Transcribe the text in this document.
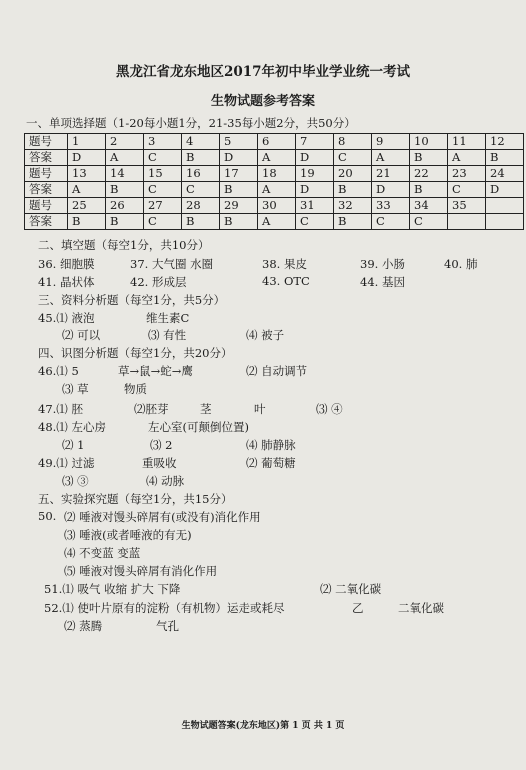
黑龙江省龙东地区2017年初中毕业学业统一考试
生物试题参考答案
一、单项选择题（1-20每小题1分，21-35每小题2分，共50分）
题号	1	2	3	4	5	6	7	8	9	10	11	12
答案	D	A	C	B	D	A	D	C	A	B	A	B
题号	13	14	15	16	17	18	19	20	21	22	23	24
答案	A	B	C	C	B	A	D	B	D	B	C	D
题号	25	26	27	28	29	30	31	32	33	34	35	
答案	B	B	C	B	B	A	C	B	C	C		
二、填空题（每空1分，共10分）
36. 细胞膜	37. 大气圈 水圈	38. 果皮	39. 小肠	40. 肺
41. 晶状体	42. 形成层	43. OTC	44. 基因
三、资料分析题（每空1分，共5分）
45.⑴ 液泡	维生素C
⑵ 可以	⑶ 有性	⑷ 被子
四、识图分析题（每空1分，共20分）
46.⑴ 5	草→鼠→蛇→鹰	⑵ 自动调节
⑶ 草	物质
47.⑴ 胚	⑵胚芽	茎	叶	⑶ ④
48.⑴ 左心房	左心室(可颠倒位置)
⑵ 1	⑶ 2	⑷ 肺静脉
49.⑴ 过滤	重吸收	⑵ 葡萄糖
⑶ ③	⑷ 动脉
五、实验探究题（每空1分，共15分）
50. ⑵ 唾液对馒头碎屑有(或没有)消化作用
⑶ 唾液(或者唾液的有无)
⑷ 不变蓝 变蓝
⑸ 唾液对馒头碎屑有消化作用
51.⑴ 吸气 收缩 扩大 下降	⑵ 二氧化碳
52.⑴ 使叶片原有的淀粉（有机物）运走或耗尽	乙	二氧化碳
⑵ 蒸腾	气孔
生物试题答案(龙东地区)第 1 页 共 1 页
